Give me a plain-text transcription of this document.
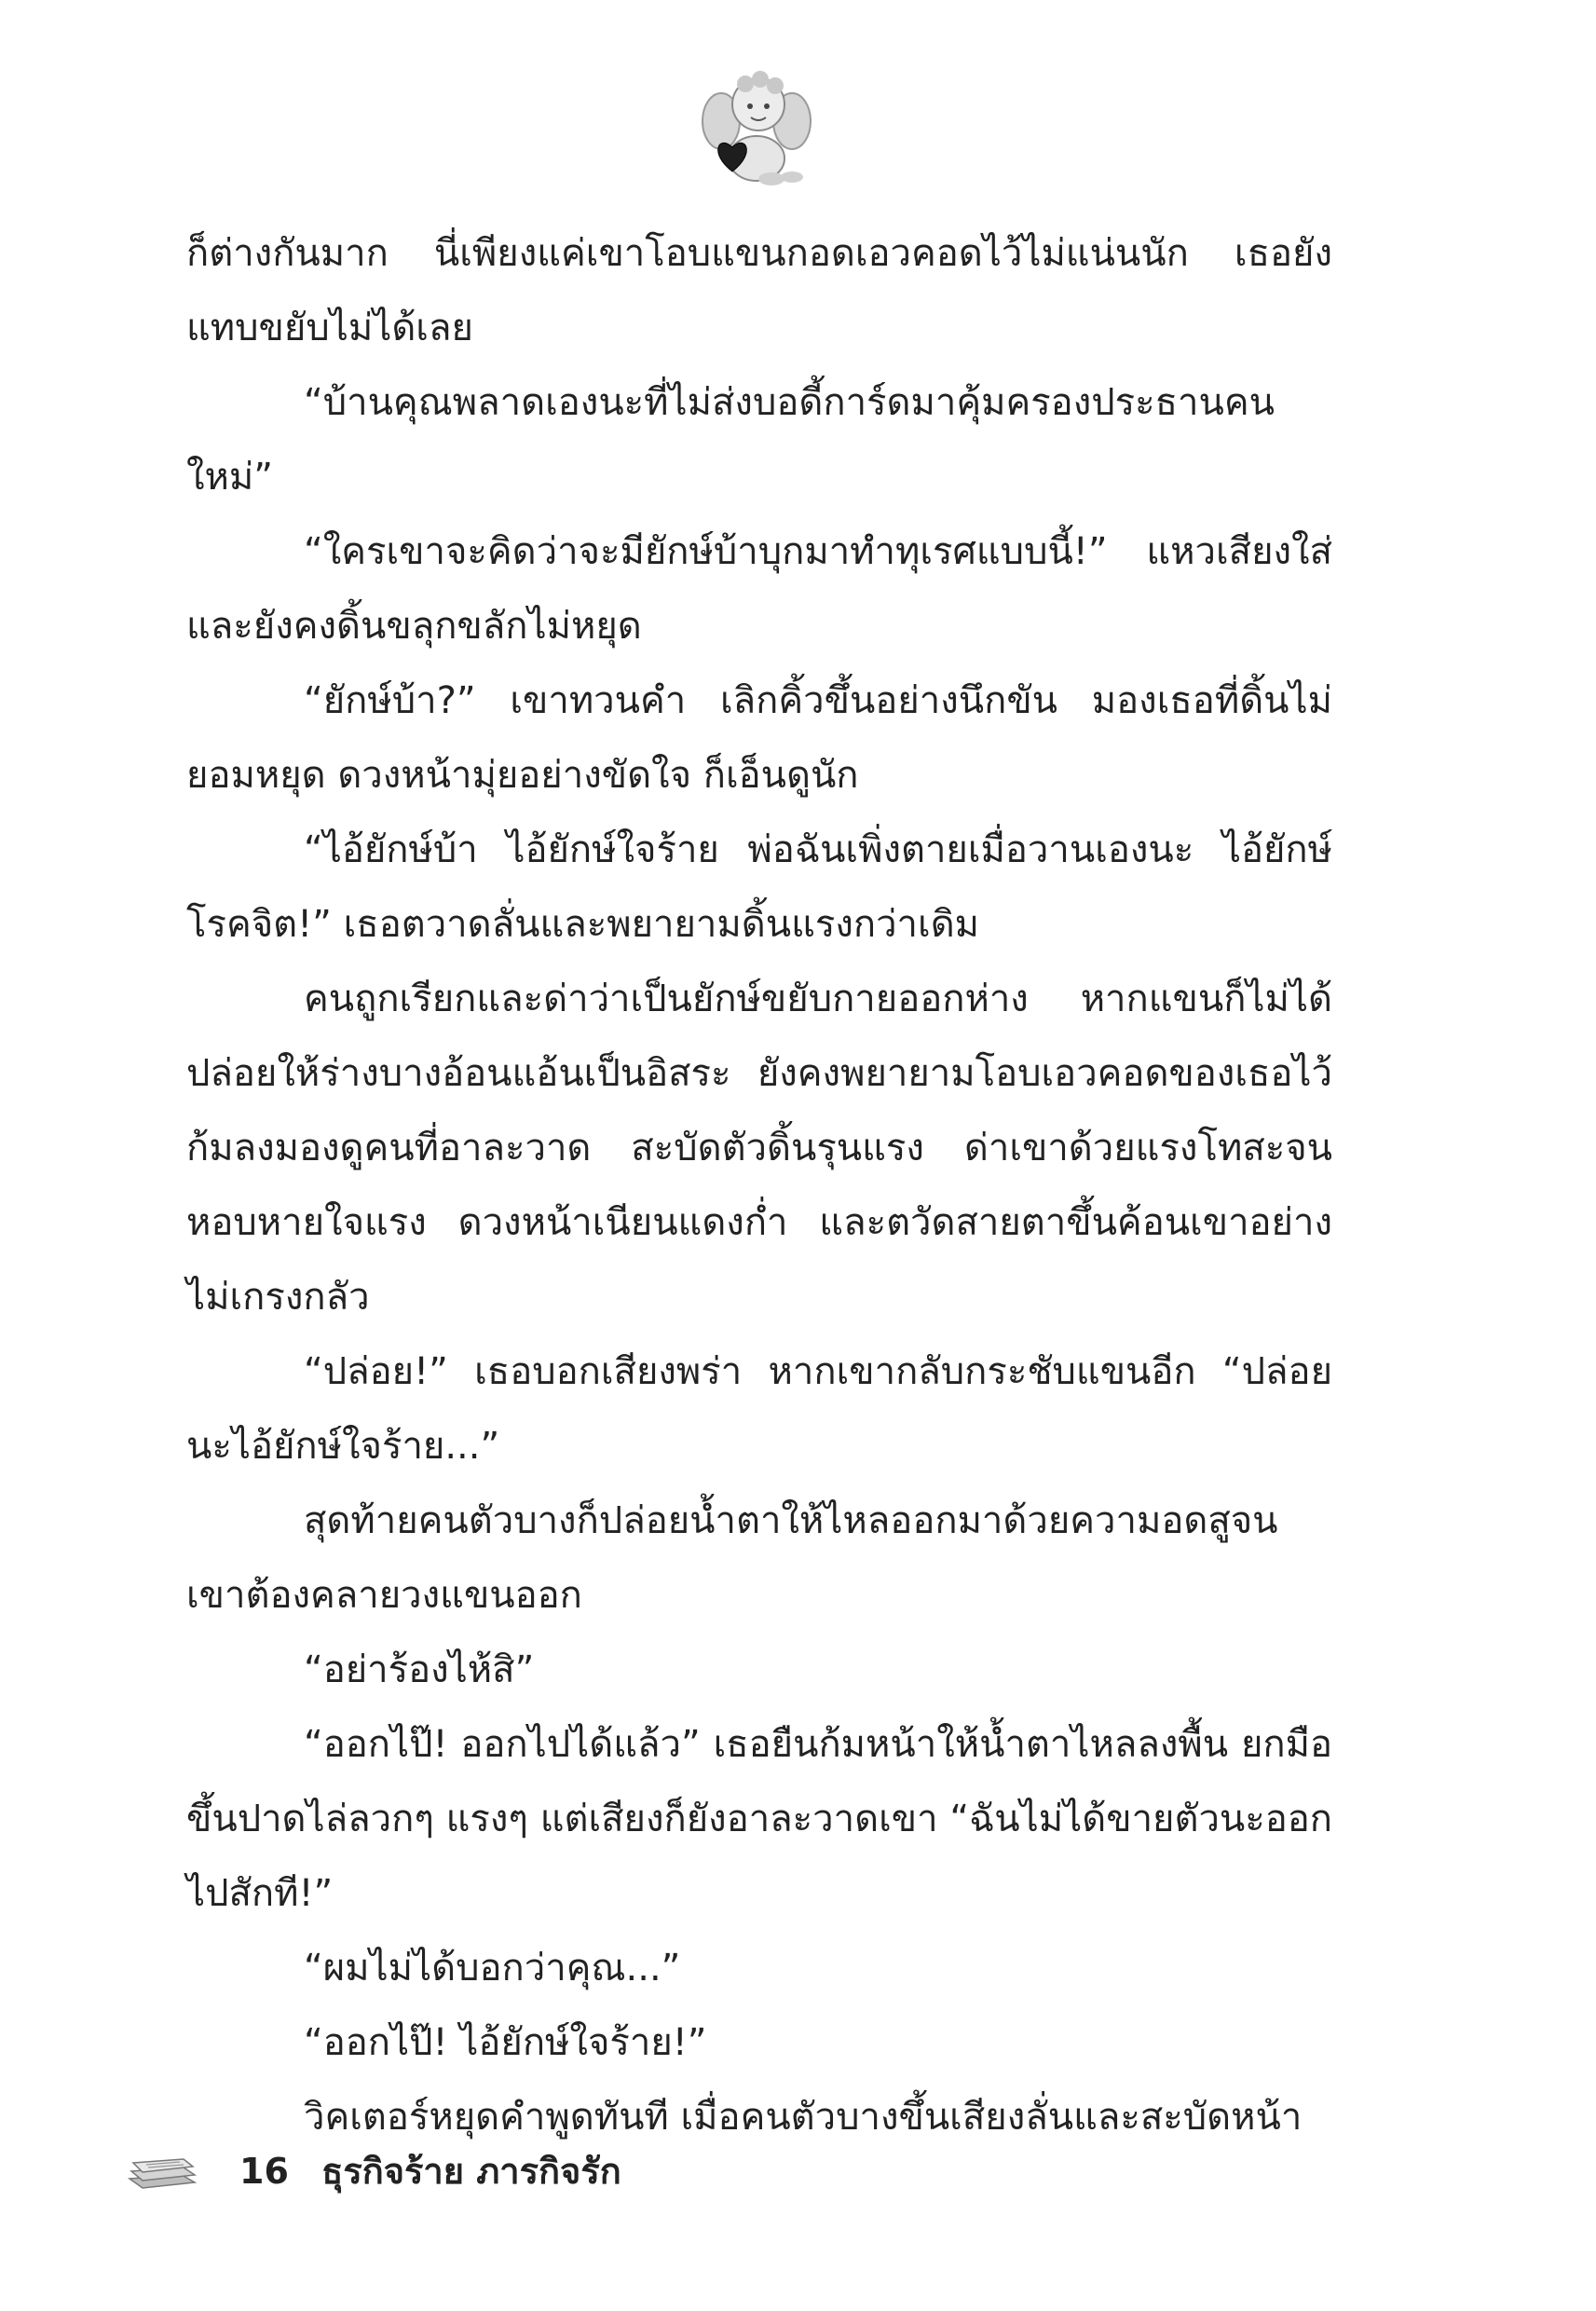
ก็ต่างกันมาก นี่เพียงแค่เขาโอบแขนกอดเอวคอดไว้ไม่แน่นนัก เธอยังแทบขยับไม่ได้เลย

“บ้านคุณพลาดเองนะที่ไม่ส่งบอดี้การ์ดมาคุ้มครองประธานคนใหม่”

“ใครเขาจะคิดว่าจะมียักษ์บ้าบุกมาทำทุเรศแบบนี้!” แหวเสียงใส่และยังคงดิ้นขลุกขลักไม่หยุด

“ยักษ์บ้า?” เขาทวนคำ เลิกคิ้วขึ้นอย่างนึกขัน มองเธอที่ดิ้นไม่ยอมหยุด ดวงหน้ามุ่ยอย่างขัดใจ ก็เอ็นดูนัก

“ไอ้ยักษ์บ้า ไอ้ยักษ์ใจร้าย พ่อฉันเพิ่งตายเมื่อวานเองนะ ไอ้ยักษ์โรคจิต!” เธอตวาดลั่นและพยายามดิ้นแรงกว่าเดิม

คนถูกเรียกและด่าว่าเป็นยักษ์ขยับกายออกห่าง หากแขนก็ไม่ได้ปล่อยให้ร่างบางอ้อนแอ้นเป็นอิสระ ยังคงพยายามโอบเอวคอดของเธอไว้ ก้มลงมองดูคนที่อาละวาด สะบัดตัวดิ้นรุนแรง ด่าเขาด้วยแรงโทสะจนหอบหายใจแรง ดวงหน้าเนียนแดงก่ำ และตวัดสายตาขึ้นค้อนเขาอย่างไม่เกรงกลัว

“ปล่อย!” เธอบอกเสียงพร่า หากเขากลับกระชับแขนอีก “ปล่อยนะไอ้ยักษ์ใจร้าย...”

สุดท้ายคนตัวบางก็ปล่อยน้ำตาให้ไหลออกมาด้วยความอดสูจนเขาต้องคลายวงแขนออก

“อย่าร้องไห้สิ”

“ออกไป๊! ออกไปได้แล้ว” เธอยืนก้มหน้าให้น้ำตาไหลลงพื้น ยกมือขึ้นปาดไล่ลวกๆ แรงๆ แต่เสียงก็ยังอาละวาดเขา “ฉันไม่ได้ขายตัวนะออกไปสักที!”

“ผมไม่ได้บอกว่าคุณ...”

“ออกไป๊! ไอ้ยักษ์ใจร้าย!”

วิคเตอร์หยุดคำพูดทันที เมื่อคนตัวบางขึ้นเสียงลั่นและสะบัดหน้า

16 ธุรกิจร้าย ภารกิจรัก
